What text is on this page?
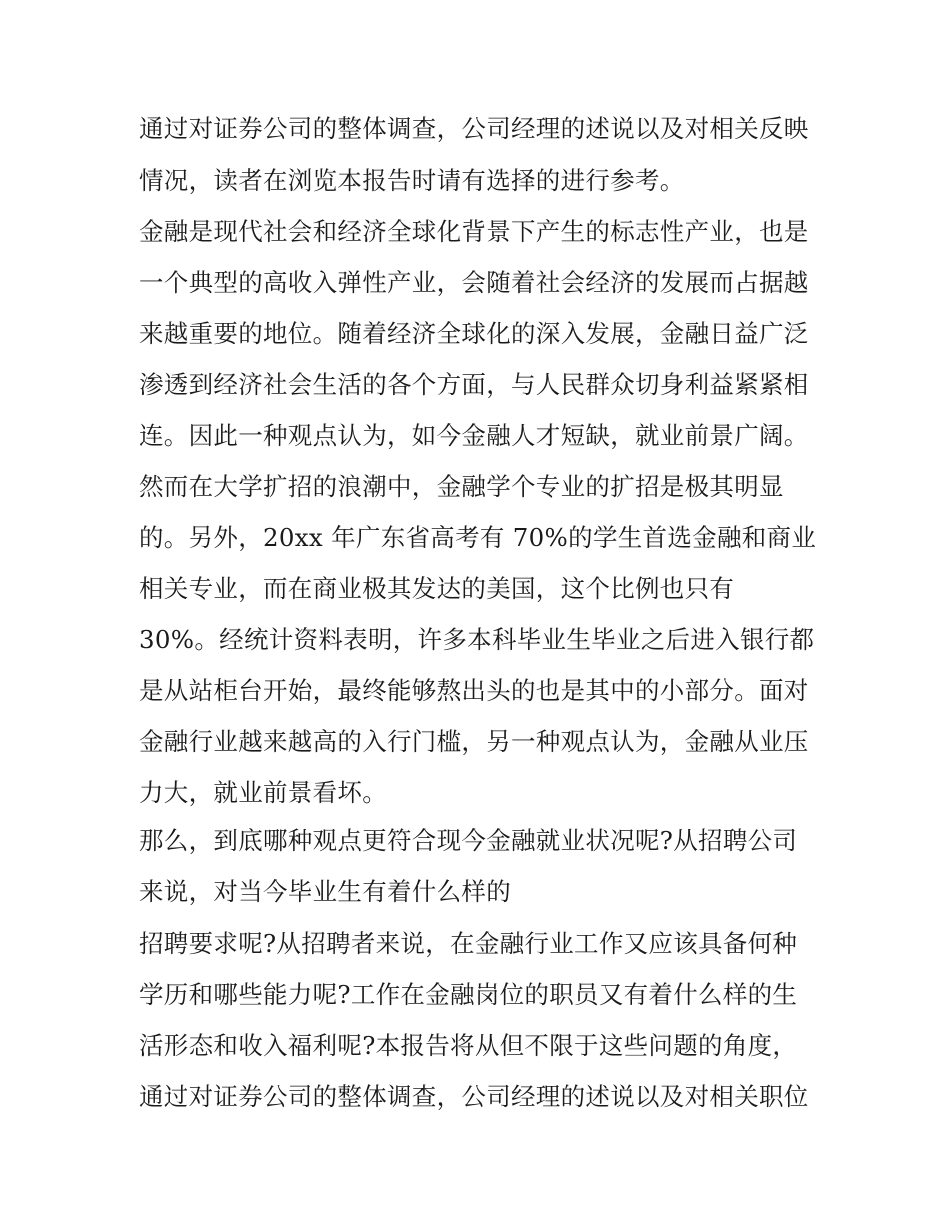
通过对证券公司的整体调查，公司经理的述说以及对相关反映
情况，读者在浏览本报告时请有选择的进行参考。
金融是现代社会和经济全球化背景下产生的标志性产业，也是
一个典型的高收入弹性产业，会随着社会经济的发展而占据越
来越重要的地位。随着经济全球化的深入发展，金融日益广泛
渗透到经济社会生活的各个方面，与人民群众切身利益紧紧相
连。因此一种观点认为，如今金融人才短缺，就业前景广阔。
然而在大学扩招的浪潮中，金融学个专业的扩招是极其明显
的。另外，20xx 年广东省高考有 70%的学生首选金融和商业
相关专业，而在商业极其发达的美国，这个比例也只有
30%。经统计资料表明，许多本科毕业生毕业之后进入银行都
是从站柜台开始，最终能够熬出头的也是其中的小部分。面对
金融行业越来越高的入行门槛，另一种观点认为，金融从业压
力大，就业前景看坏。
那么，到底哪种观点更符合现今金融就业状况呢?从招聘公司
来说，对当今毕业生有着什么样的
招聘要求呢?从招聘者来说，在金融行业工作又应该具备何种
学历和哪些能力呢?工作在金融岗位的职员又有着什么样的生
活形态和收入福利呢?本报告将从但不限于这些问题的角度，
通过对证券公司的整体调查，公司经理的述说以及对相关职位
